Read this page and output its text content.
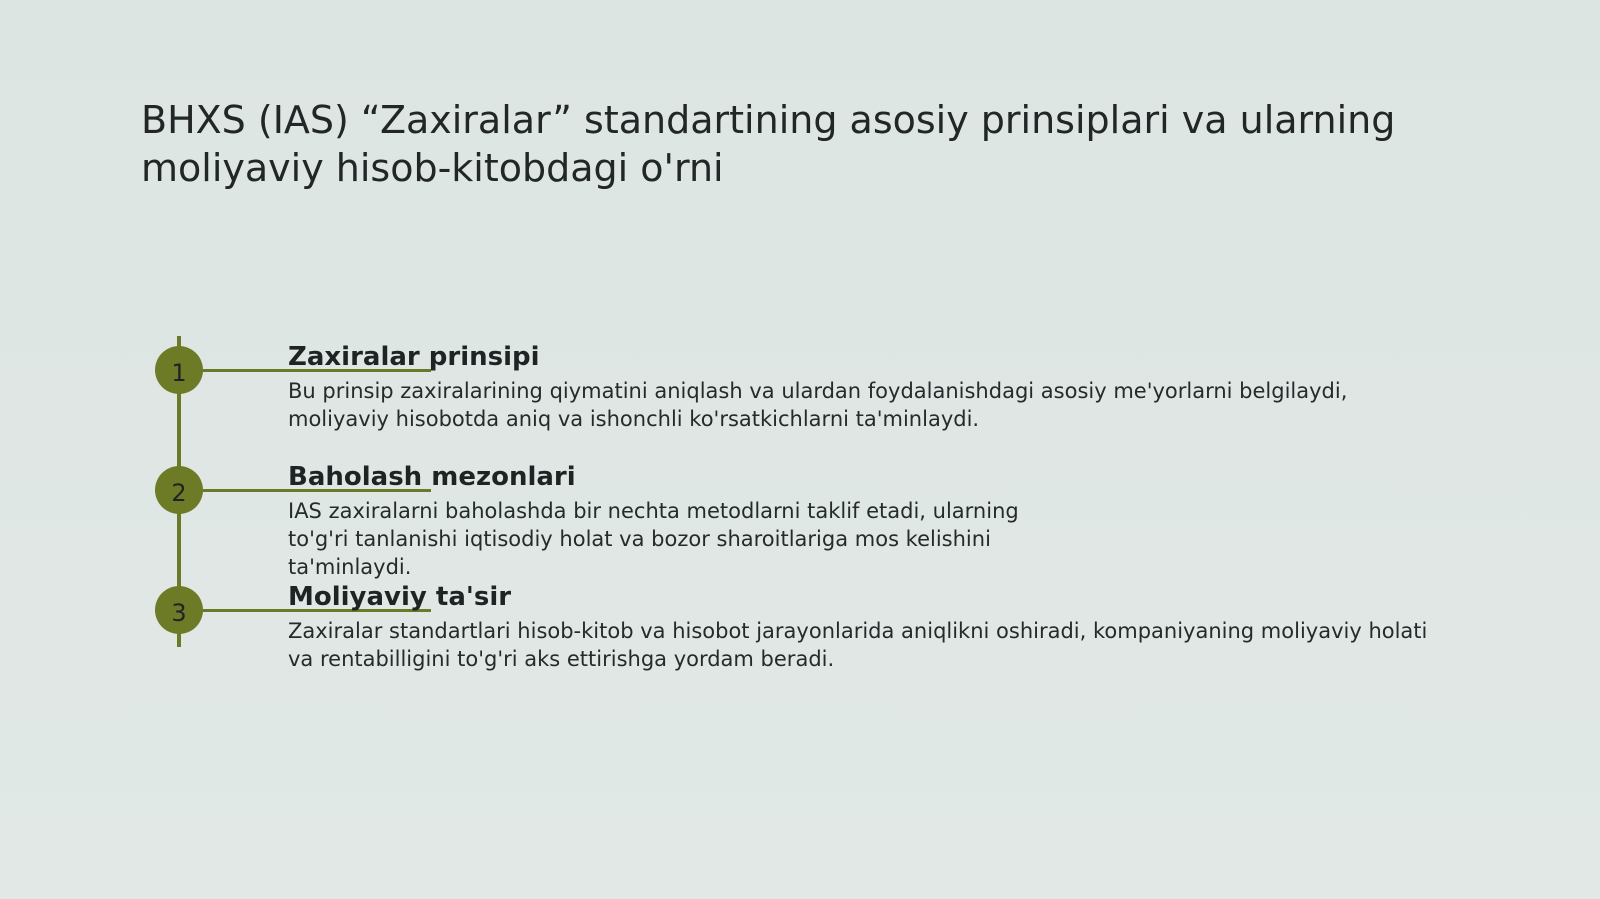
BHXS (IAS) “Zaxiralar” standartining asosiy prinsiplari va ularning moliyaviy hisob-kitobdagi o'rni
1
Zaxiralar prinsipi

Bu prinsip zaxiralarining qiymatini aniqlash va ulardan foydalanishdagi asosiy me'yorlarni belgilaydi, moliyaviy hisobotda aniq va ishonchli ko'rsatkichlarni ta'minlaydi.

2
Baholash mezonlari

IAS zaxiralarni baholashda bir nechta metodlarni taklif etadi, ularning to'g'ri tanlanishi iqtisodiy holat va bozor sharoitlariga mos kelishini ta'minlaydi.

3
Moliyaviy ta'sir

Zaxiralar standartlari hisob-kitob va hisobot jarayonlarida aniqlikni oshiradi, kompaniyaning moliyaviy holati va rentabilligini to'g'ri aks ettirishga yordam beradi.
